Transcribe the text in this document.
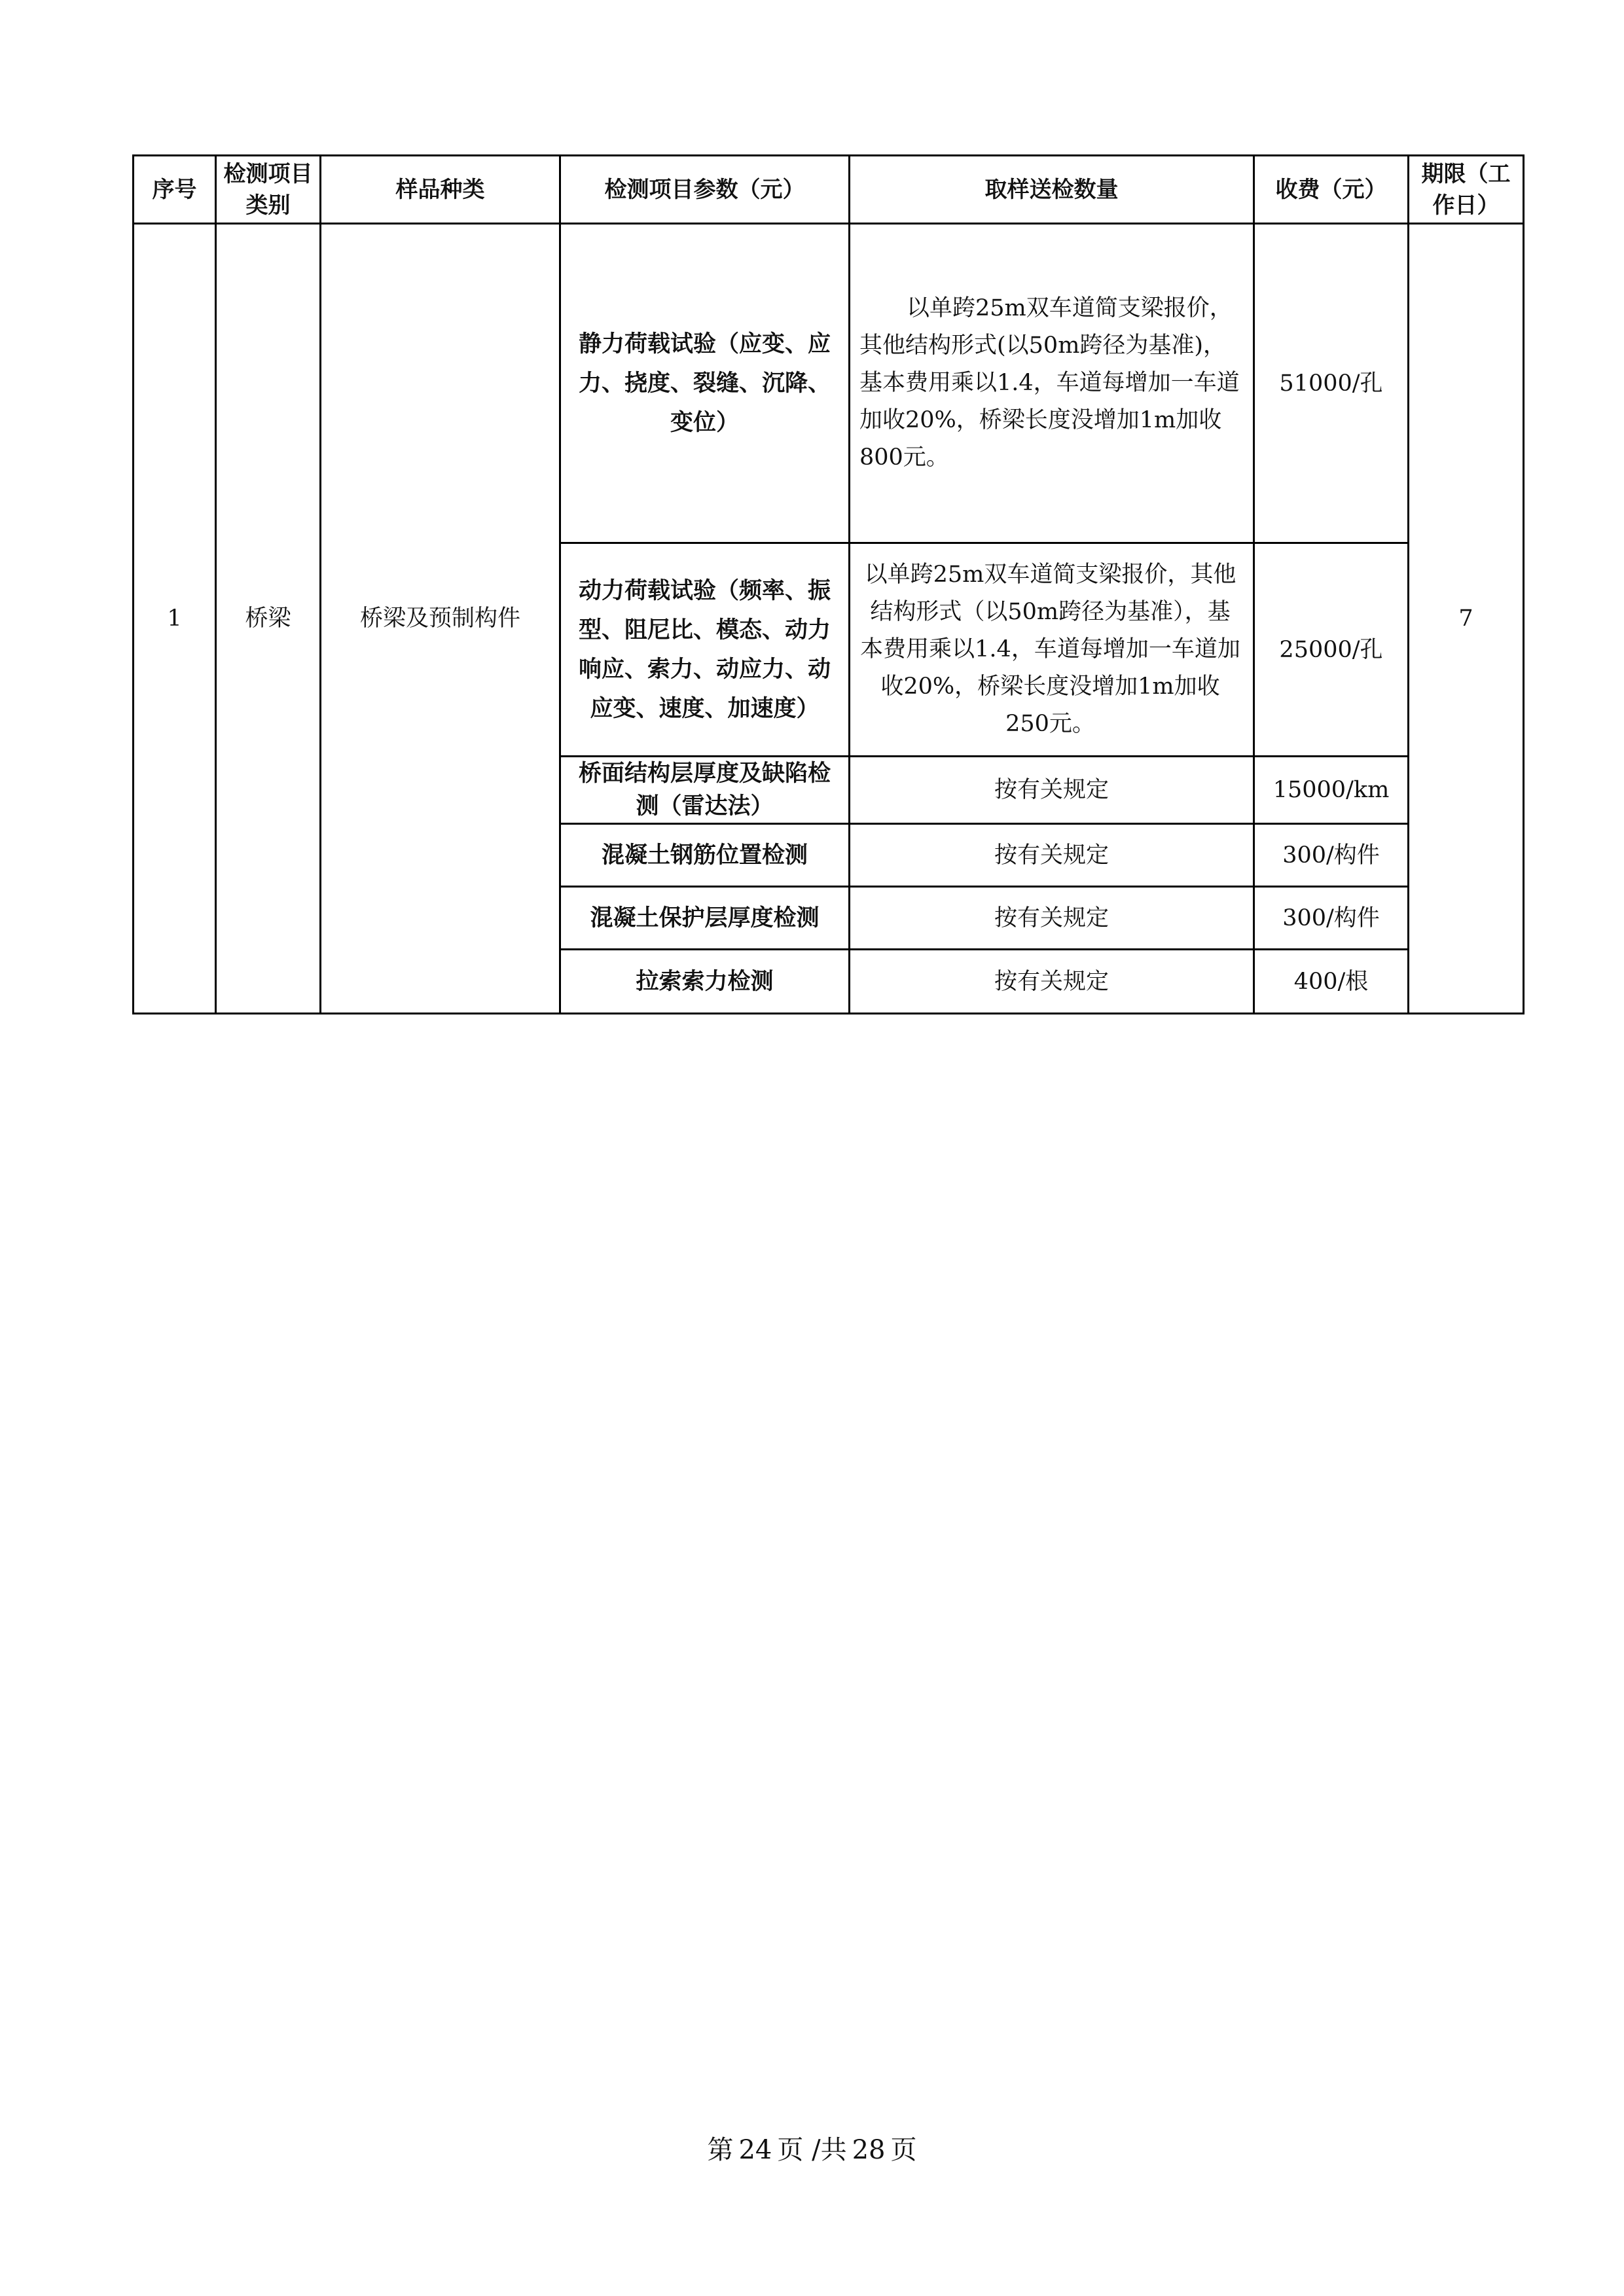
序号	检测项目类别	样品种类	检测项目参数（元）	取样送检数量	收费（元）	期限（工作日）
1	桥梁	桥梁及预制构件	静力荷载试验（应变、应力、挠度、裂缝、沉降、变位）	以单跨25m双车道简支梁报价，其他结构形式(以50m跨径为基准)，基本费用乘以1.4，车道每增加一车道加收20%，桥梁长度没增加1m加收800元。	51000/孔	7
			动力荷载试验（频率、振型、阻尼比、模态、动力响应、索力、动应力、动应变、速度、加速度）	以单跨25m双车道简支梁报价，其他结构形式（以50m跨径为基准），基本费用乘以1.4，车道每增加一车道加收20%，桥梁长度没增加1m加收250元。	25000/孔	
			桥面结构层厚度及缺陷检测（雷达法）	按有关规定	15000/km	
			混凝土钢筋位置检测	按有关规定	300/构件	
			混凝土保护层厚度检测	按有关规定	300/构件	
			拉索索力检测	按有关规定	400/根	
第 24 页 /共 28 页
